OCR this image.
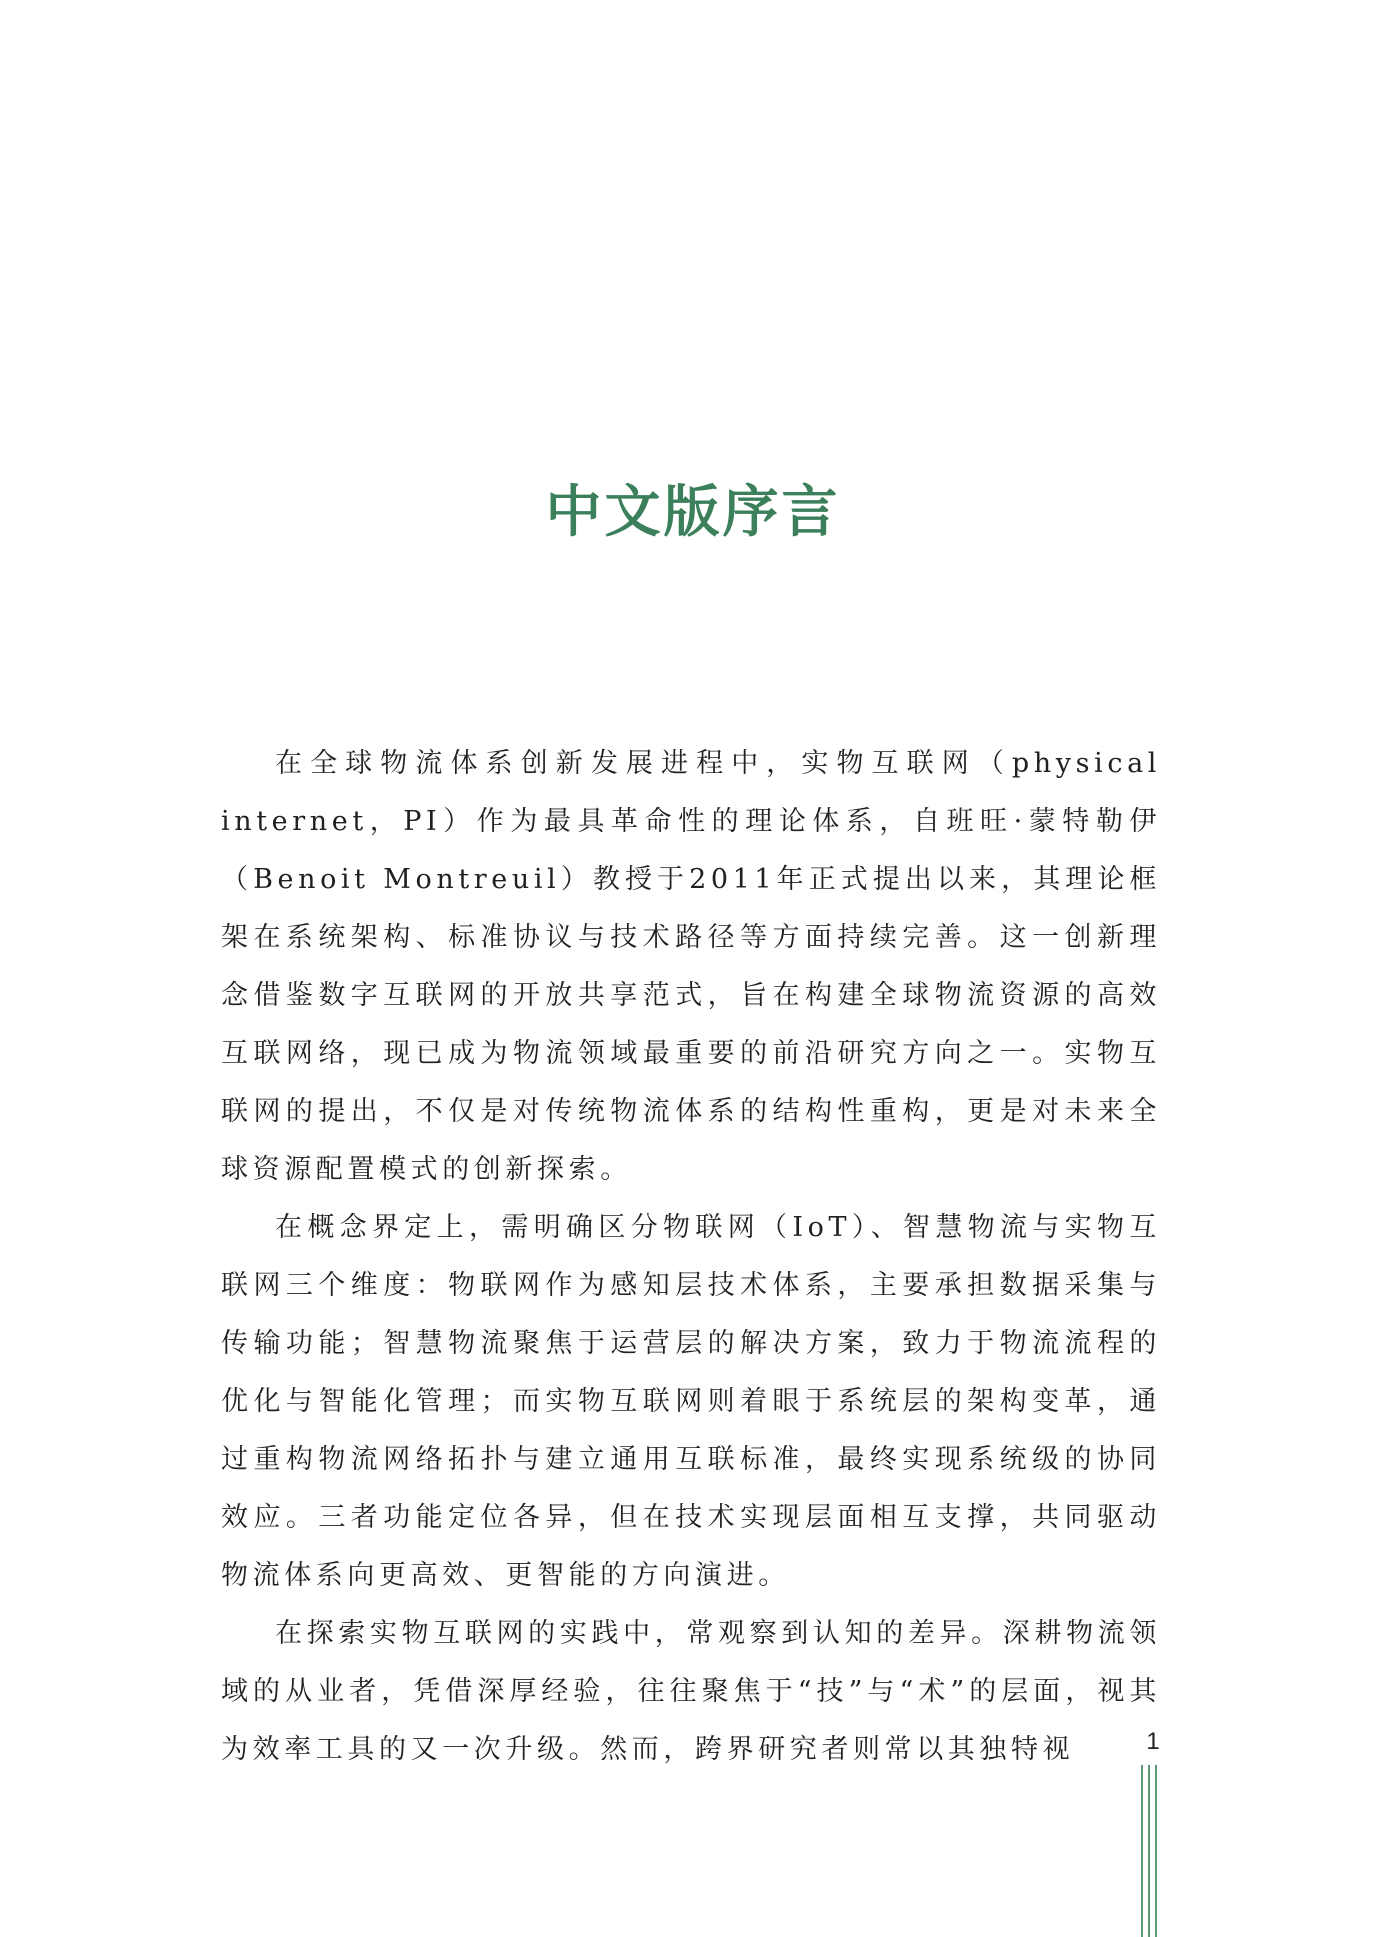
中文版序言

在全球物流体系创新发展进程中，实物互联网（physical internet，PI）作为最具革命性的理论体系，自班旺·蒙特勒伊（Benoit Montreuil）教授于2011年正式提出以来，其理论框架在系统架构、标准协议与技术路径等方面持续完善。这一创新理念借鉴数字互联网的开放共享范式，旨在构建全球物流资源的高效互联网络，现已成为物流领域最重要的前沿研究方向之一。实物互联网的提出，不仅是对传统物流体系的结构性重构，更是对未来全球资源配置模式的创新探索。

在概念界定上，需明确区分物联网（IoT）、智慧物流与实物互联网三个维度：物联网作为感知层技术体系，主要承担数据采集与传输功能；智慧物流聚焦于运营层的解决方案，致力于物流流程的优化与智能化管理；而实物互联网则着眼于系统层的架构变革，通过重构物流网络拓扑与建立通用互联标准，最终实现系统级的协同效应。三者功能定位各异，但在技术实现层面相互支撑，共同驱动物流体系向更高效、更智能的方向演进。

在探索实物互联网的实践中，常观察到认知的差异。深耕物流领域的从业者，凭借深厚经验，往往聚焦于“技”与“术”的层面，视其为效率工具的又一次升级。然而，跨界研究者则常以其独特视	1
